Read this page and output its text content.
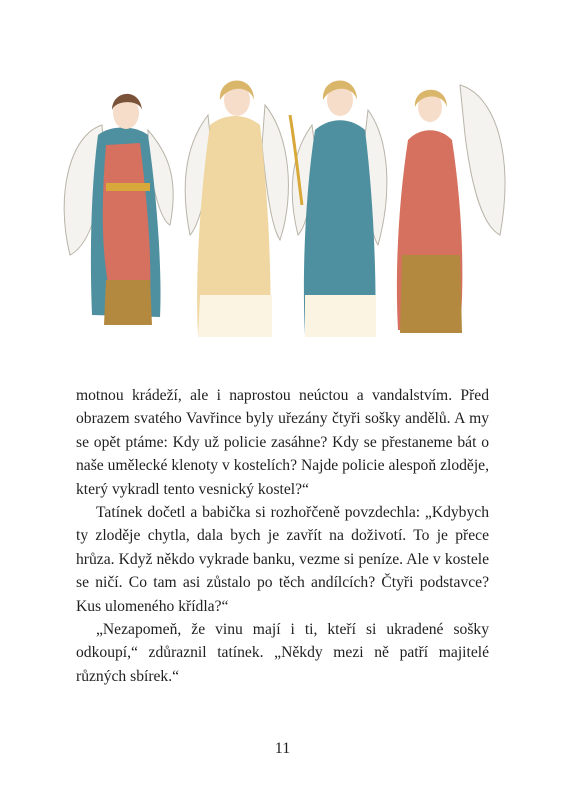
motnou krádeží, ale i naprostou neúctou a vandalstvím. Před obrazem svatého Vavřince byly uřezány čtyři sošky andělů. A my se opět ptáme: Kdy už policie zasáhne? Kdy se přestaneme bát o naše umělecké klenoty v kostelích? Najde policie alespoň zloděje, který vykradl tento vesnický kostel?“

Tatínek dočetl a babička si rozhořčeně povzdechla: „Kdybych ty zloděje chytla, dala bych je zavřít na doživotí. To je přece hrůza. Když někdo vykrade banku, vezme si peníze. Ale v kostele se ničí. Co tam asi zůstalo po těch andílcích? Čtyři podstavce? Kus ulomeného křídla?“

„Nezapomeň, že vinu mají i ti, kteří si ukradené sošky odkoupí,“ zdůraznil tatínek. „Někdy mezi ně patří majitelé různých sbírek.“

11
